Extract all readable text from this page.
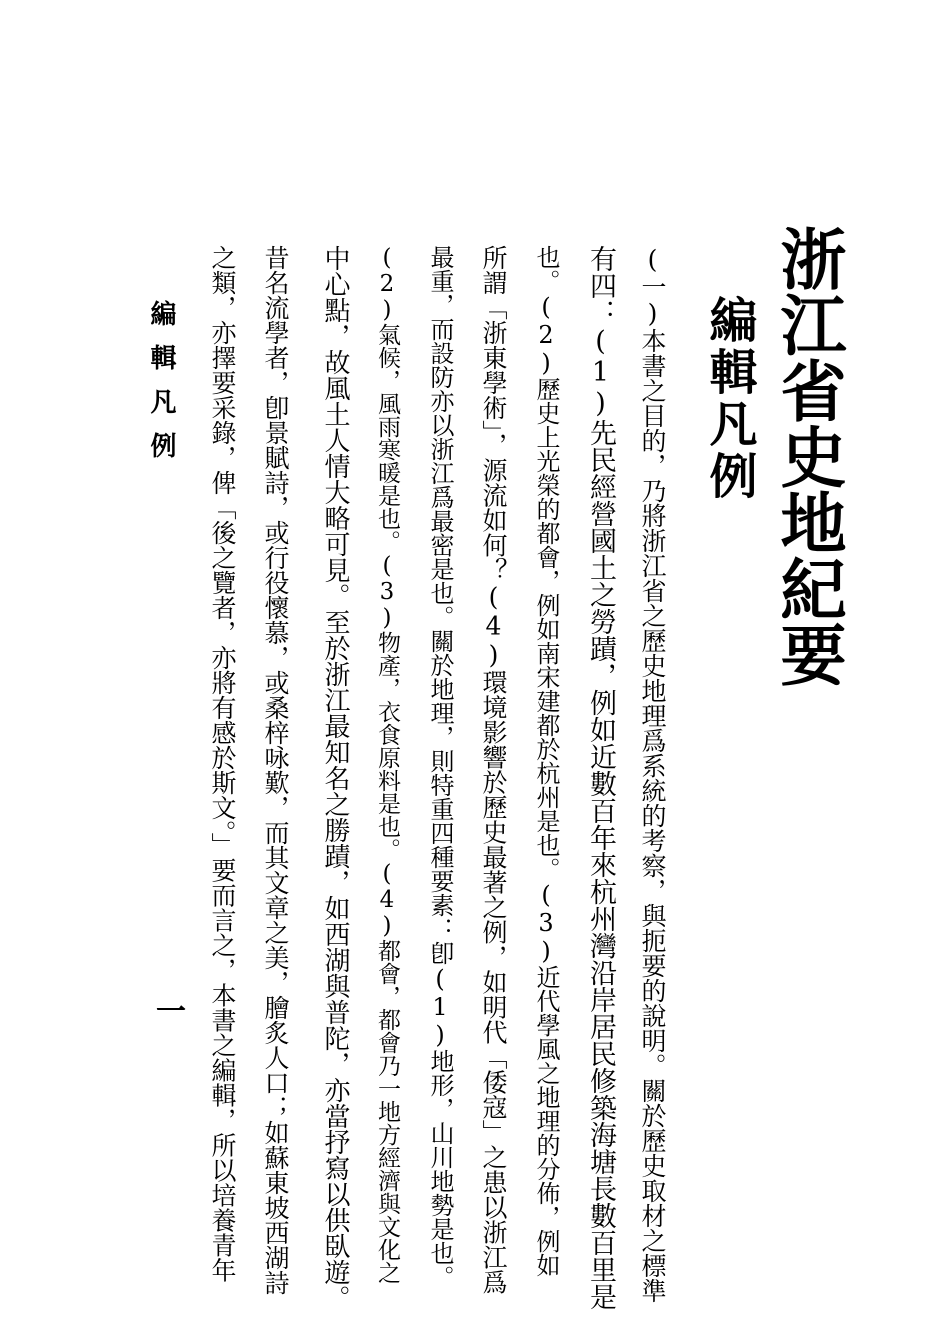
浙江省史地紀要
編輯凡例
(一)本書之目的，乃將浙江省之歷史地理爲系統的考察，與扼要的說明。關於歷史取材之標準
有四：(1)先民經營國土之勞蹟，例如近數百年來杭州灣沿岸居民修築海塘長數百里是
也。(2)歷史上光榮的都會，例如南宋建都於杭州是也。(3)近代學風之地理的分佈，例如
所謂「浙東學術」，源流如何？(4)環境影響於歷史最著之例，如明代「倭寇」之患以浙江爲
最重，而設防亦以浙江爲最密是也。關於地理，則特重四種要素：卽(1)地形，山川地勢是也。
(2)氣候，風雨寒暖是也。(3)物產，衣食原料是也。(4)都會，都會乃一地方經濟與文化之
中心點，故風土人情大略可見。至於浙江最知名之勝蹟，如西湖與普陀，亦當抒寫以供臥遊。
昔名流學者，卽景賦詩，或行役懷慕，或桑梓咏歎，而其文章之美，膾炙人口；如蘇東坡西湖詩
之類，亦擇要采錄，俾「後之覽者，亦將有感於斯文。」要而言之，本書之編輯，所以培養青年
編輯凡例
一
